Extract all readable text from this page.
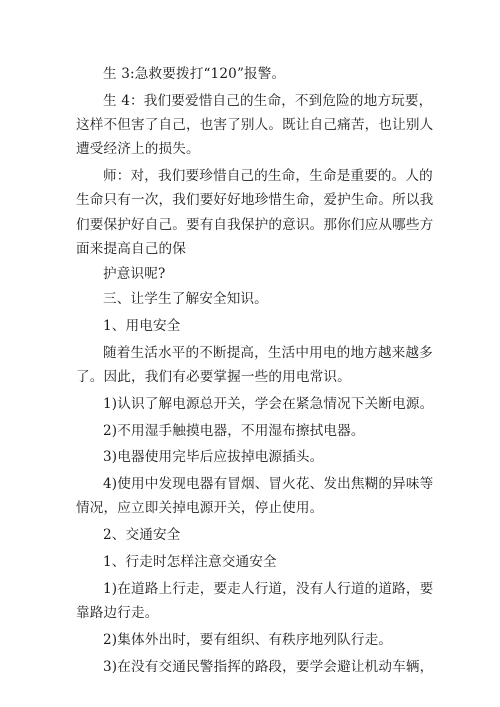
生 3:急救要拨打“120”报警。
生 4：我们要爱惜自己的生命，不到危险的地方玩要，
这样不但害了自己，也害了别人。既让自己痛苦，也让别人
遭受经济上的损失。
师：对，我们要珍惜自己的生命，生命是重要的。人的
生命只有一次，我们要好好地珍惜生命，爱护生命。所以我
们要保护好自己。要有自我保护的意识。那你们应从哪些方
面来提高自己的保
护意识呢?
三、让学生了解安全知识。
1、用电安全
随着生活水平的不断提高，生活中用电的地方越来越多
了。因此，我们有必要掌握一些的用电常识。
1)认识了解电源总开关，学会在紧急情况下关断电源。
2)不用湿手触摸电器，不用湿布擦拭电器。
3)电器使用完毕后应拔掉电源插头。
4)使用中发现电器有冒烟、冒火花、发出焦糊的异味等
情况，应立即关掉电源开关，停止使用。
2、交通安全
1、行走时怎样注意交通安全
1)在道路上行走，要走人行道，没有人行道的道路，要
靠路边行走。
2)集体外出时，要有组织、有秩序地列队行走。
3)在没有交通民警指挥的路段，要学会避让机动车辆，
